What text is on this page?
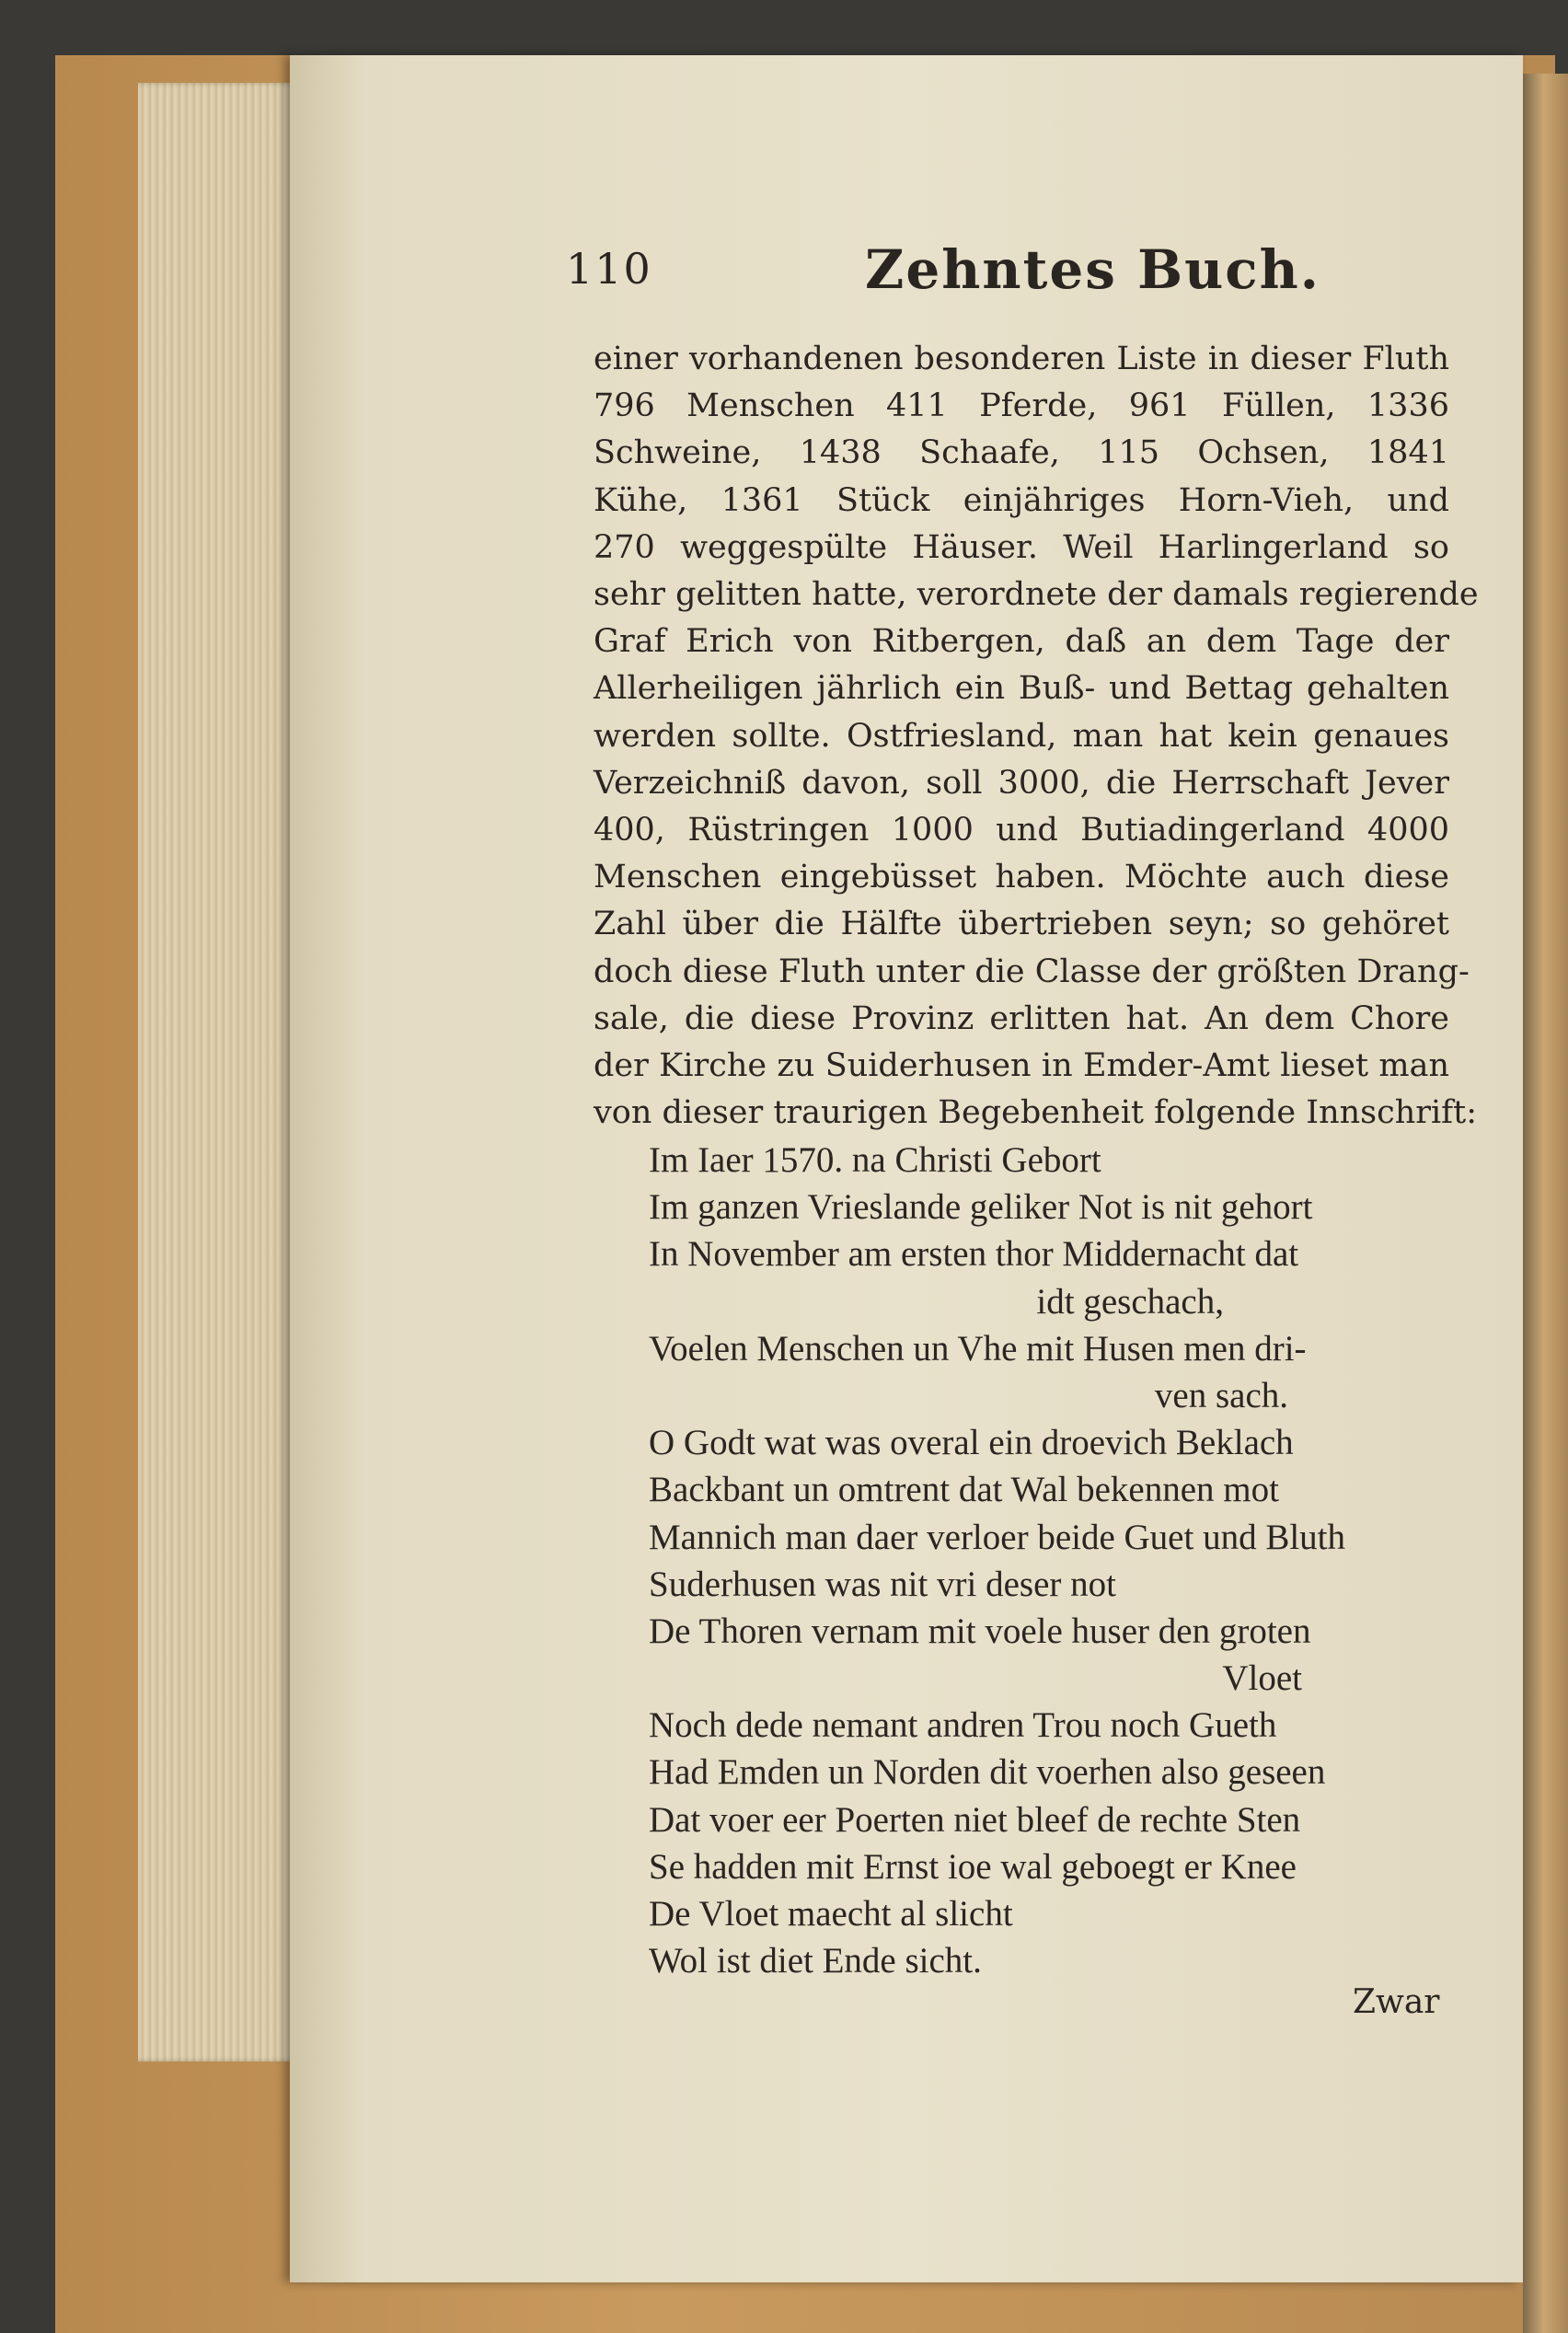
110	Zehntes Buch.
einer vorhandenen besonderen Liste in dieser Fluth
796 Menschen 411 Pferde, 961 Füllen, 1336
Schweine, 1438 Schaafe, 115 Ochsen, 1841
Kühe, 1361 Stück einjähriges Horn-Vieh, und
270 weggespülte Häuser. Weil Harlingerland so
sehr gelitten hatte, verordnete der damals regierende
Graf Erich von Ritbergen, daß an dem Tage der
Allerheiligen jährlich ein Buß- und Bettag gehalten
werden sollte. Ostfriesland, man hat kein genaues
Verzeichniß davon, soll 3000, die Herrschaft Jever
400, Rüstringen 1000 und Butiadingerland 4000
Menschen eingebüsset haben. Möchte auch diese
Zahl über die Hälfte übertrieben seyn; so gehöret
doch diese Fluth unter die Classe der größten Drang-
sale, die diese Provinz erlitten hat. An dem Chore
der Kirche zu Suiderhusen in Emder-Amt lieset man
von dieser traurigen Begebenheit folgende Innschrift:
Im Iaer 1570. na Christi Gebort
Im ganzen Vrieslande geliker Not is nit gehort
In November am ersten thor Middernacht dat
idt geschach,
Voelen Menschen un Vhe mit Husen men dri-
ven sach.
O Godt wat was overal ein droevich Beklach
Backbant un omtrent dat Wal bekennen mot
Mannich man daer verloer beide Guet und Bluth
Suderhusen was nit vri deser not
De Thoren vernam mit voele huser den groten
Vloet
Noch dede nemant andren Trou noch Gueth
Had Emden un Norden dit voerhen also geseen
Dat voer eer Poerten niet bleef de rechte Sten
Se hadden mit Ernst ioe wal geboegt er Knee
De Vloet maecht al slicht
Wol ist diet Ende sicht.
Zwar
